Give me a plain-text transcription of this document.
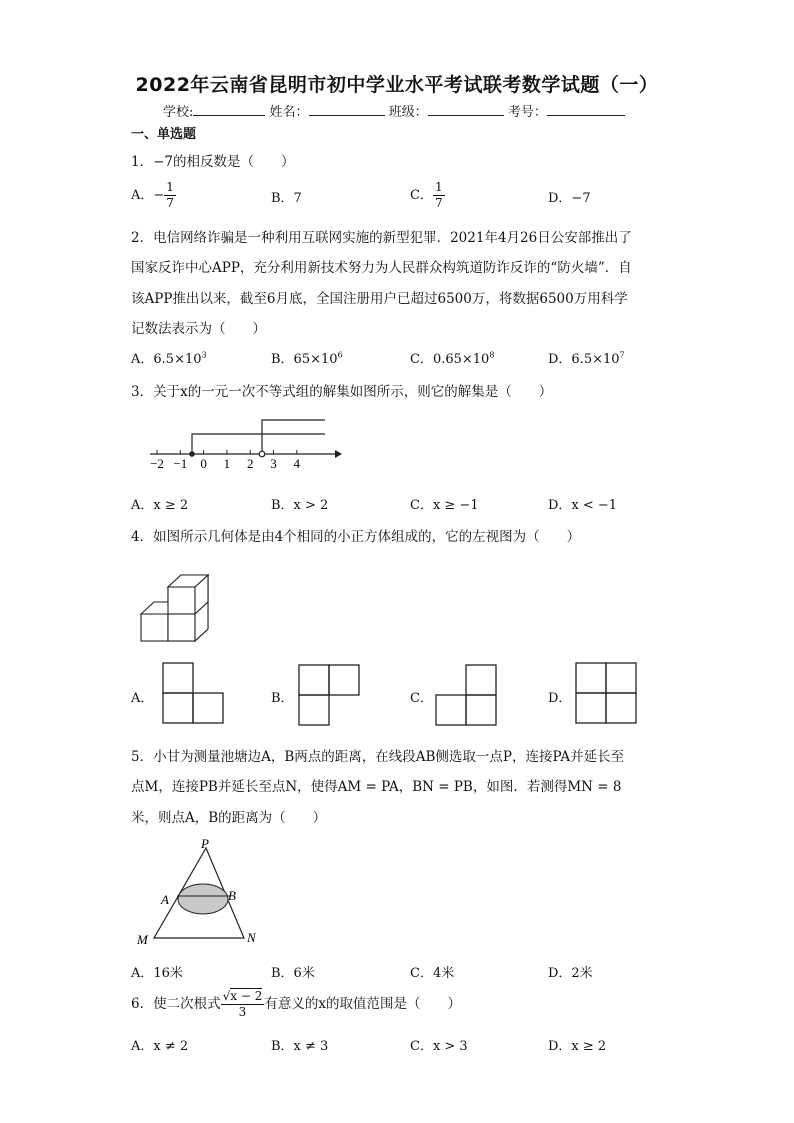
2022年云南省昆明市初中学业水平考试联考数学试题（一）
学校:	姓名：	班级：	考号：
一、单选题
1．−7的相反数是（　　）
A．− $\frac{1}{7}$	B．7	C． $\frac{1}{7}$	D．−7
2．电信网络诈骗是一种利用互联网实施的新型犯罪．2021年4月26日公安部推出了
国家反诈中心APP，充分利用新技术努力为人民群众构筑道防诈反诈的“防火墙”．自
该APP推出以来，截至6月底，全国注册用户已超过6500万，将数据6500万用科学
记数法表示为（　　）
A．$6.5\times 10^3$	B．$65\times 10^6$	C．$0.65\times 10^8$	D．$6.5\times 10^7$
3．关于x的一元一次不等式组的解集如图所示，则它的解集是（　　）
−2 −1 0 1 2 3 4
A．x ≥ 2	B．x > 2	C．x ≥ −1	D．x < −1
4．如图所示几何体是由4个相同的小正方体组成的，它的左视图为（　　）
A．	B．	C．	D．
5．小甘为测量池塘边A，B两点的距离，在线段AB侧选取一点P，连接PA并延长至
点M，连接PB并延长至点N，使得AM = PA，BN = PB，如图．若测得MN = 8
米，则点A，B的距离为（　　）
P
A	B
M	N
A．16米	B．6米	C．4米	D．2米
6．使二次根式 $\frac{√x - 2}{3}$ 有意义的x的取值范围是（　　）
A．x ≠ 2	B．x ≠ 3	C．x > 3	D．x ≥ 2
